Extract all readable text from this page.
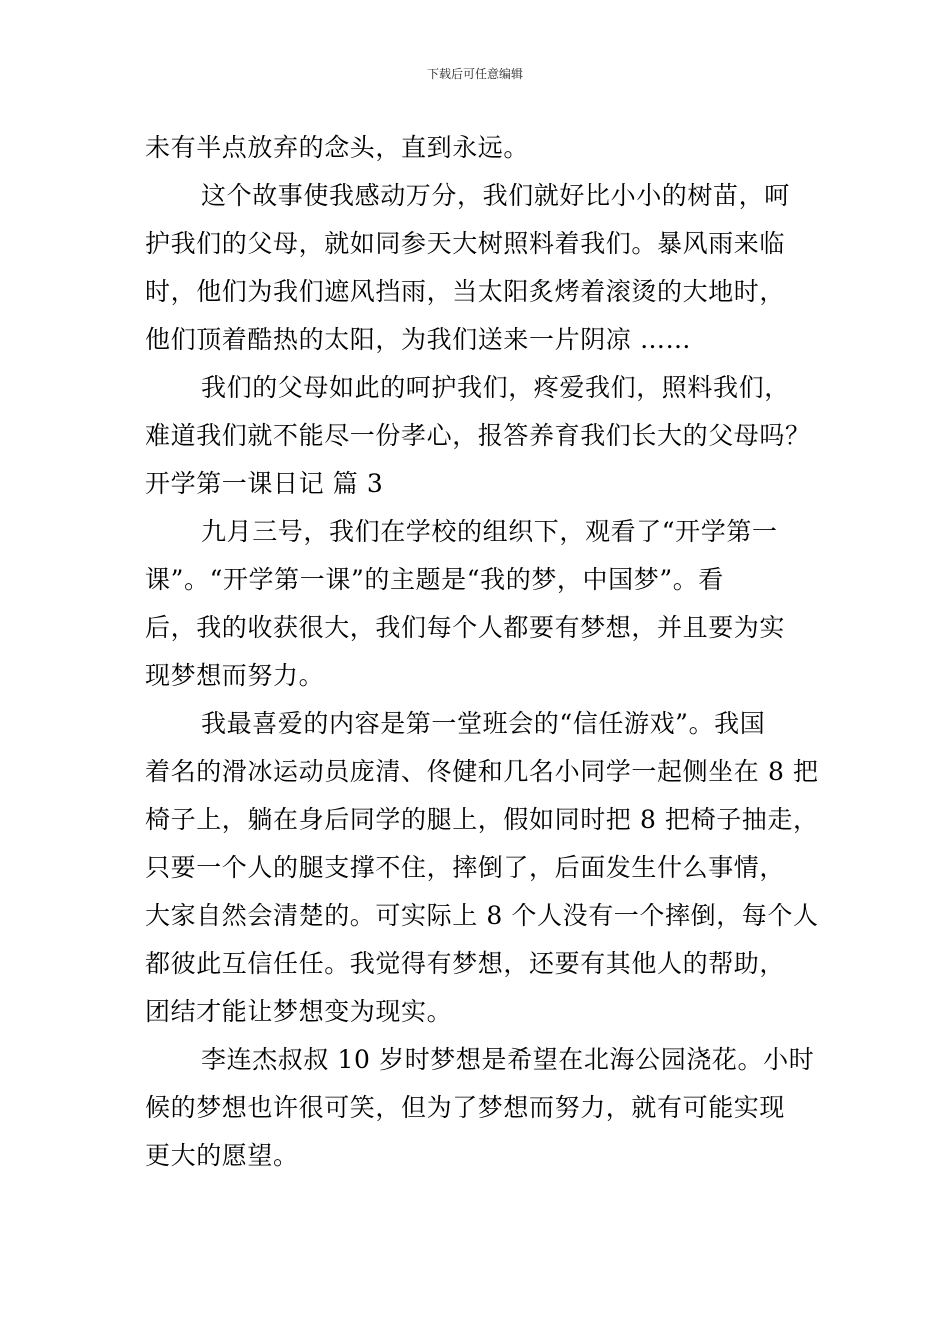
下载后可任意编辑
未有半点放弃的念头，直到永远。
这个故事使我感动万分，我们就好比小小的树苗，呵
护我们的父母，就如同参天大树照料着我们。暴风雨来临
时，他们为我们遮风挡雨，当太阳炙烤着滚烫的大地时，
他们顶着酷热的太阳，为我们送来一片阴凉 ……
我们的父母如此的呵护我们，疼爱我们，照料我们，
难道我们就不能尽一份孝心，报答养育我们长大的父母吗？
开学第一课日记 篇 3
九月三号，我们在学校的组织下，观看了“开学第一
课”。“开学第一课”的主题是“我的梦，中国梦”。看
后，我的收获很大，我们每个人都要有梦想，并且要为实
现梦想而努力。
我最喜爱的内容是第一堂班会的“信任游戏”。我国
着名的滑冰运动员庞清、佟健和几名小同学一起侧坐在 8 把
椅子上，躺在身后同学的腿上，假如同时把 8 把椅子抽走，
只要一个人的腿支撑不住，摔倒了，后面发生什么事情，
大家自然会清楚的。可实际上 8 个人没有一个摔倒，每个人
都彼此互信任任。我觉得有梦想，还要有其他人的帮助，
团结才能让梦想变为现实。
李连杰叔叔 10 岁时梦想是希望在北海公园浇花。小时
候的梦想也许很可笑，但为了梦想而努力，就有可能实现
更大的愿望。
